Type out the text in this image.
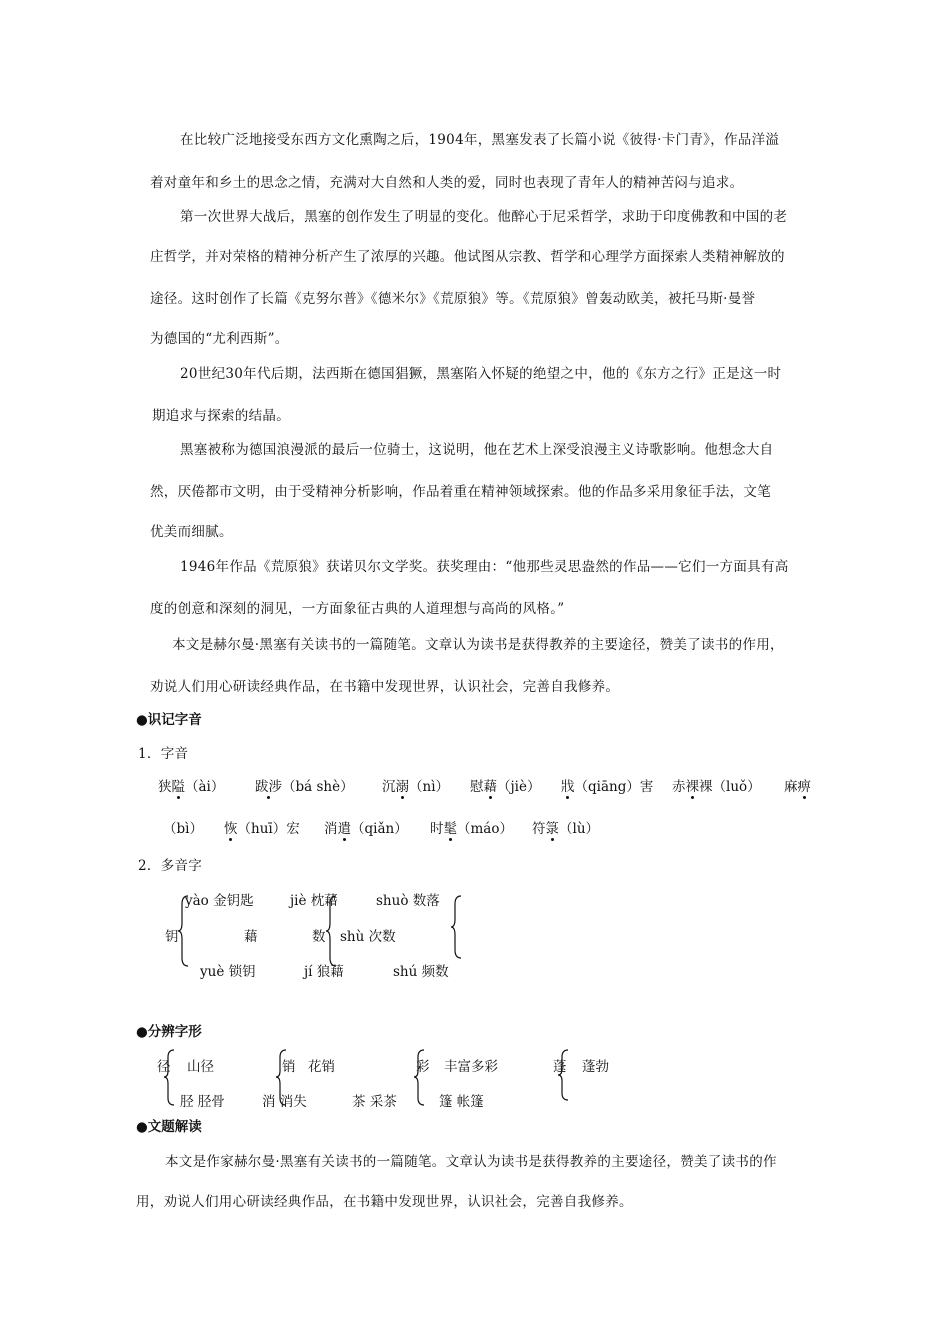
在比较广泛地接受东西方文化熏陶之后，1904年，黑塞发表了长篇小说《彼得·卡门青》，作品洋溢
着对童年和乡土的思念之情，充满对大自然和人类的爱，同时也表现了青年人的精神苦闷与追求。
第一次世界大战后，黑塞的创作发生了明显的变化。他醉心于尼采哲学，求助于印度佛教和中国的老
庄哲学，并对荣格的精神分析产生了浓厚的兴趣。他试图从宗教、哲学和心理学方面探索人类精神解放的
途径。这时创作了长篇《克努尔普》《德米尔》《荒原狼》等。《荒原狼》曾轰动欧美，被托马斯·曼誉
为德国的“尤利西斯”。
20世纪30年代后期，法西斯在德国猖獗，黑塞陷入怀疑的绝望之中，他的《东方之行》正是这一时
期追求与探索的结晶。
黑塞被称为德国浪漫派的最后一位骑士，这说明，他在艺术上深受浪漫主义诗歌影响。他想念大自
然，厌倦都市文明，由于受精神分析影响，作品着重在精神领域探索。他的作品多采用象征手法，文笔
优美而细腻。
1946年作品《荒原狼》获诺贝尔文学奖。获奖理由：“他那些灵思盎然的作品——它们一方面具有高
度的创意和深刻的洞见，一方面象征古典的人道理想与高尚的风格。”
本文是赫尔曼·黑塞有关读书的一篇随笔。文章认为读书是获得教养的主要途径，赞美了读书的作用，
劝说人们用心研读经典作品，在书籍中发现世界，认识社会，完善自我修养。
●识记字音
1．字音
狭隘（ài） 跋涉（bá shè） 沉溺（nì） 慰藉（jiè） 戕（qiāng）害 赤裸裸（luǒ） 麻痹
（bì） 恢（huī）宏 消遣（qiǎn） 时髦（máo） 符箓（lù）
2．多音字
yào 金钥匙
钥
yuè 锁钥
jiè 枕藉
藉
jí 狼藉
数
shuò 数落
shù 次数
shú 频数
●分辨字形
径 山径
胫 胫骨
销 花销
消 消失
彩 丰富多彩
茶 采茶	篷 帐篷
蓬 蓬勃
●文题解读
本文是作家赫尔曼·黑塞有关读书的一篇随笔。文章认为读书是获得教养的主要途径，赞美了读书的作
用，劝说人们用心研读经典作品，在书籍中发现世界，认识社会，完善自我修养。
